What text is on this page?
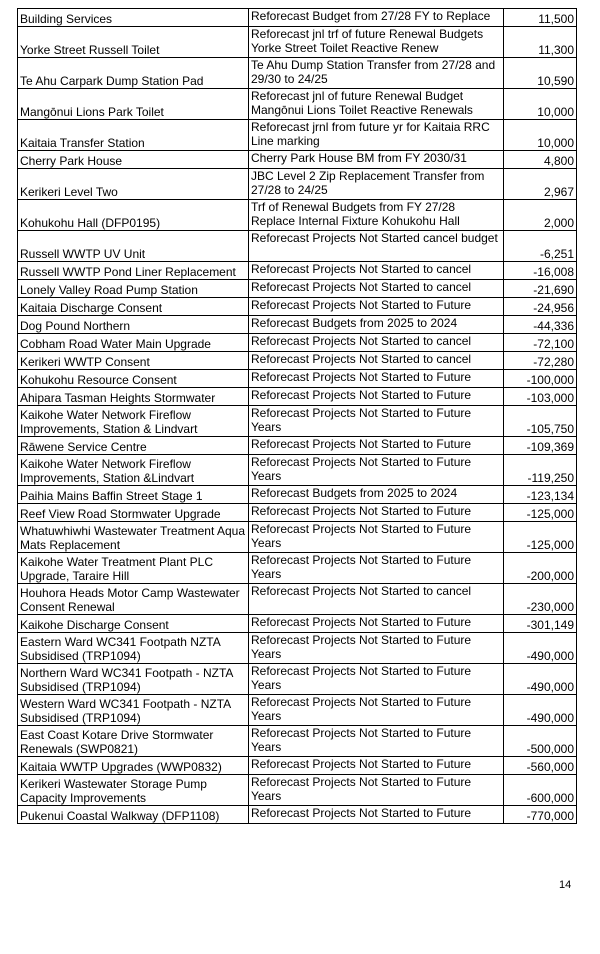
Building Services	Reforecast Budget from 27/28 FY to Replace	11,500
Yorke Street Russell Toilet	Reforecast jnl trf of future Renewal Budgets Yorke Street Toilet Reactive Renew	11,300
Te Ahu Carpark Dump Station Pad	Te Ahu Dump Station Transfer from 27/28 and 29/30 to 24/25	10,590
Mangōnui Lions Park Toilet	Reforecast jnl of future Renewal Budget Mangōnui Lions Toilet Reactive Renewals	10,000
Kaitaia Transfer Station	Reforecast jrnl from future yr for Kaitaia RRC Line marking	10,000
Cherry Park House	Cherry Park House BM from FY 2030/31	4,800
Kerikeri Level Two	JBC Level 2 Zip Replacement Transfer from 27/28 to 24/25	2,967
Kohukohu Hall (DFP0195)	Trf of Renewal Budgets from FY 27/28 Replace Internal Fixture Kohukohu Hall	2,000
Russell WWTP UV Unit	Reforecast Projects Not Started cancel budget	-6,251
Russell WWTP Pond Liner Replacement	Reforecast Projects Not Started to cancel	-16,008
Lonely Valley Road Pump Station	Reforecast Projects Not Started to cancel	-21,690
Kaitaia Discharge Consent	Reforecast Projects Not Started to Future	-24,956
Dog Pound Northern	Reforecast Budgets from 2025 to 2024	-44,336
Cobham Road Water Main Upgrade	Reforecast Projects Not Started to cancel	-72,100
Kerikeri WWTP Consent	Reforecast Projects Not Started to cancel	-72,280
Kohukohu Resource Consent	Reforecast Projects Not Started to Future	-100,000
Ahipara Tasman Heights Stormwater	Reforecast Projects Not Started to Future	-103,000
Kaikohe Water Network Fireflow Improvements, Station & Lindvart	Reforecast Projects Not Started to Future Years	-105,750
Rāwene Service Centre	Reforecast Projects Not Started to Future	-109,369
Kaikohe Water Network Fireflow Improvements, Station &Lindvart	Reforecast Projects Not Started to Future Years	-119,250
Paihia Mains Baffin Street Stage 1	Reforecast Budgets from 2025 to 2024	-123,134
Reef View Road Stormwater Upgrade	Reforecast Projects Not Started to Future	-125,000
Whatuwhiwhi Wastewater Treatment Aqua Mats Replacement	Reforecast Projects Not Started to Future Years	-125,000
Kaikohe Water Treatment Plant PLC Upgrade, Taraire Hill	Reforecast Projects Not Started to Future Years	-200,000
Houhora Heads Motor Camp Wastewater Consent Renewal	Reforecast Projects Not Started to cancel	-230,000
Kaikohe Discharge Consent	Reforecast Projects Not Started to Future	-301,149
Eastern Ward WC341 Footpath NZTA Subsidised (TRP1094)	Reforecast Projects Not Started to Future Years	-490,000
Northern Ward WC341 Footpath - NZTA Subsidised (TRP1094)	Reforecast Projects Not Started to Future Years	-490,000
Western Ward WC341 Footpath - NZTA Subsidised (TRP1094)	Reforecast Projects Not Started to Future Years	-490,000
East Coast Kotare Drive Stormwater Renewals (SWP0821)	Reforecast Projects Not Started to Future Years	-500,000
Kaitaia WWTP Upgrades (WWP0832)	Reforecast Projects Not Started to Future	-560,000
Kerikeri Wastewater Storage Pump Capacity Improvements	Reforecast Projects Not Started to Future Years	-600,000
Pukenui Coastal Walkway (DFP1108)	Reforecast Projects Not Started to Future	-770,000
14
